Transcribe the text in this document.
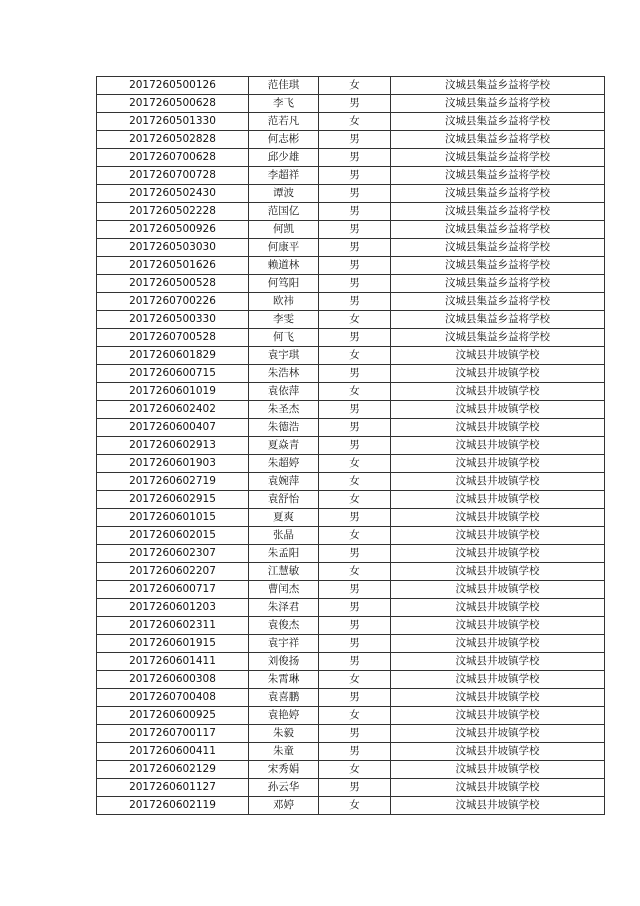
2017260500126	范佳琪	女	汶城县集益乡益将学校
2017260500628	李飞	男	汶城县集益乡益将学校
2017260501330	范若凡	女	汶城县集益乡益将学校
2017260502828	何志彬	男	汶城县集益乡益将学校
2017260700628	邱少雄	男	汶城县集益乡益将学校
2017260700728	李超祥	男	汶城县集益乡益将学校
2017260502430	谭波	男	汶城县集益乡益将学校
2017260502228	范国亿	男	汶城县集益乡益将学校
2017260500926	何凯	男	汶城县集益乡益将学校
2017260503030	何康平	男	汶城县集益乡益将学校
2017260501626	赖道林	男	汶城县集益乡益将学校
2017260500528	何笃阳	男	汶城县集益乡益将学校
2017260700226	欧祎	男	汶城县集益乡益将学校
2017260500330	李雯	女	汶城县集益乡益将学校
2017260700528	何飞	男	汶城县集益乡益将学校
2017260601829	袁宇琪	女	汶城县井坡镇学校
2017260600715	朱浩林	男	汶城县井坡镇学校
2017260601019	袁依萍	女	汶城县井坡镇学校
2017260602402	朱圣杰	男	汶城县井坡镇学校
2017260600407	朱德浩	男	汶城县井坡镇学校
2017260602913	夏焱青	男	汶城县井坡镇学校
2017260601903	朱超婷	女	汶城县井坡镇学校
2017260602719	袁婉萍	女	汶城县井坡镇学校
2017260602915	袁舒怡	女	汶城县井坡镇学校
2017260601015	夏爽	男	汶城县井坡镇学校
2017260602015	张晶	女	汶城县井坡镇学校
2017260602307	朱孟阳	男	汶城县井坡镇学校
2017260602207	江慧敏	女	汶城县井坡镇学校
2017260600717	曹闰杰	男	汶城县井坡镇学校
2017260601203	朱泽君	男	汶城县井坡镇学校
2017260602311	袁俊杰	男	汶城县井坡镇学校
2017260601915	袁宇祥	男	汶城县井坡镇学校
2017260601411	刘俊扬	男	汶城县井坡镇学校
2017260600308	朱霄琳	女	汶城县井坡镇学校
2017260700408	袁喜鹏	男	汶城县井坡镇学校
2017260600925	袁艳婷	女	汶城县井坡镇学校
2017260700117	朱毅	男	汶城县井坡镇学校
2017260600411	朱童	男	汶城县井坡镇学校
2017260602129	宋秀娟	女	汶城县井坡镇学校
2017260601127	孙云华	男	汶城县井坡镇学校
2017260602119	邓婷	女	汶城县井坡镇学校
